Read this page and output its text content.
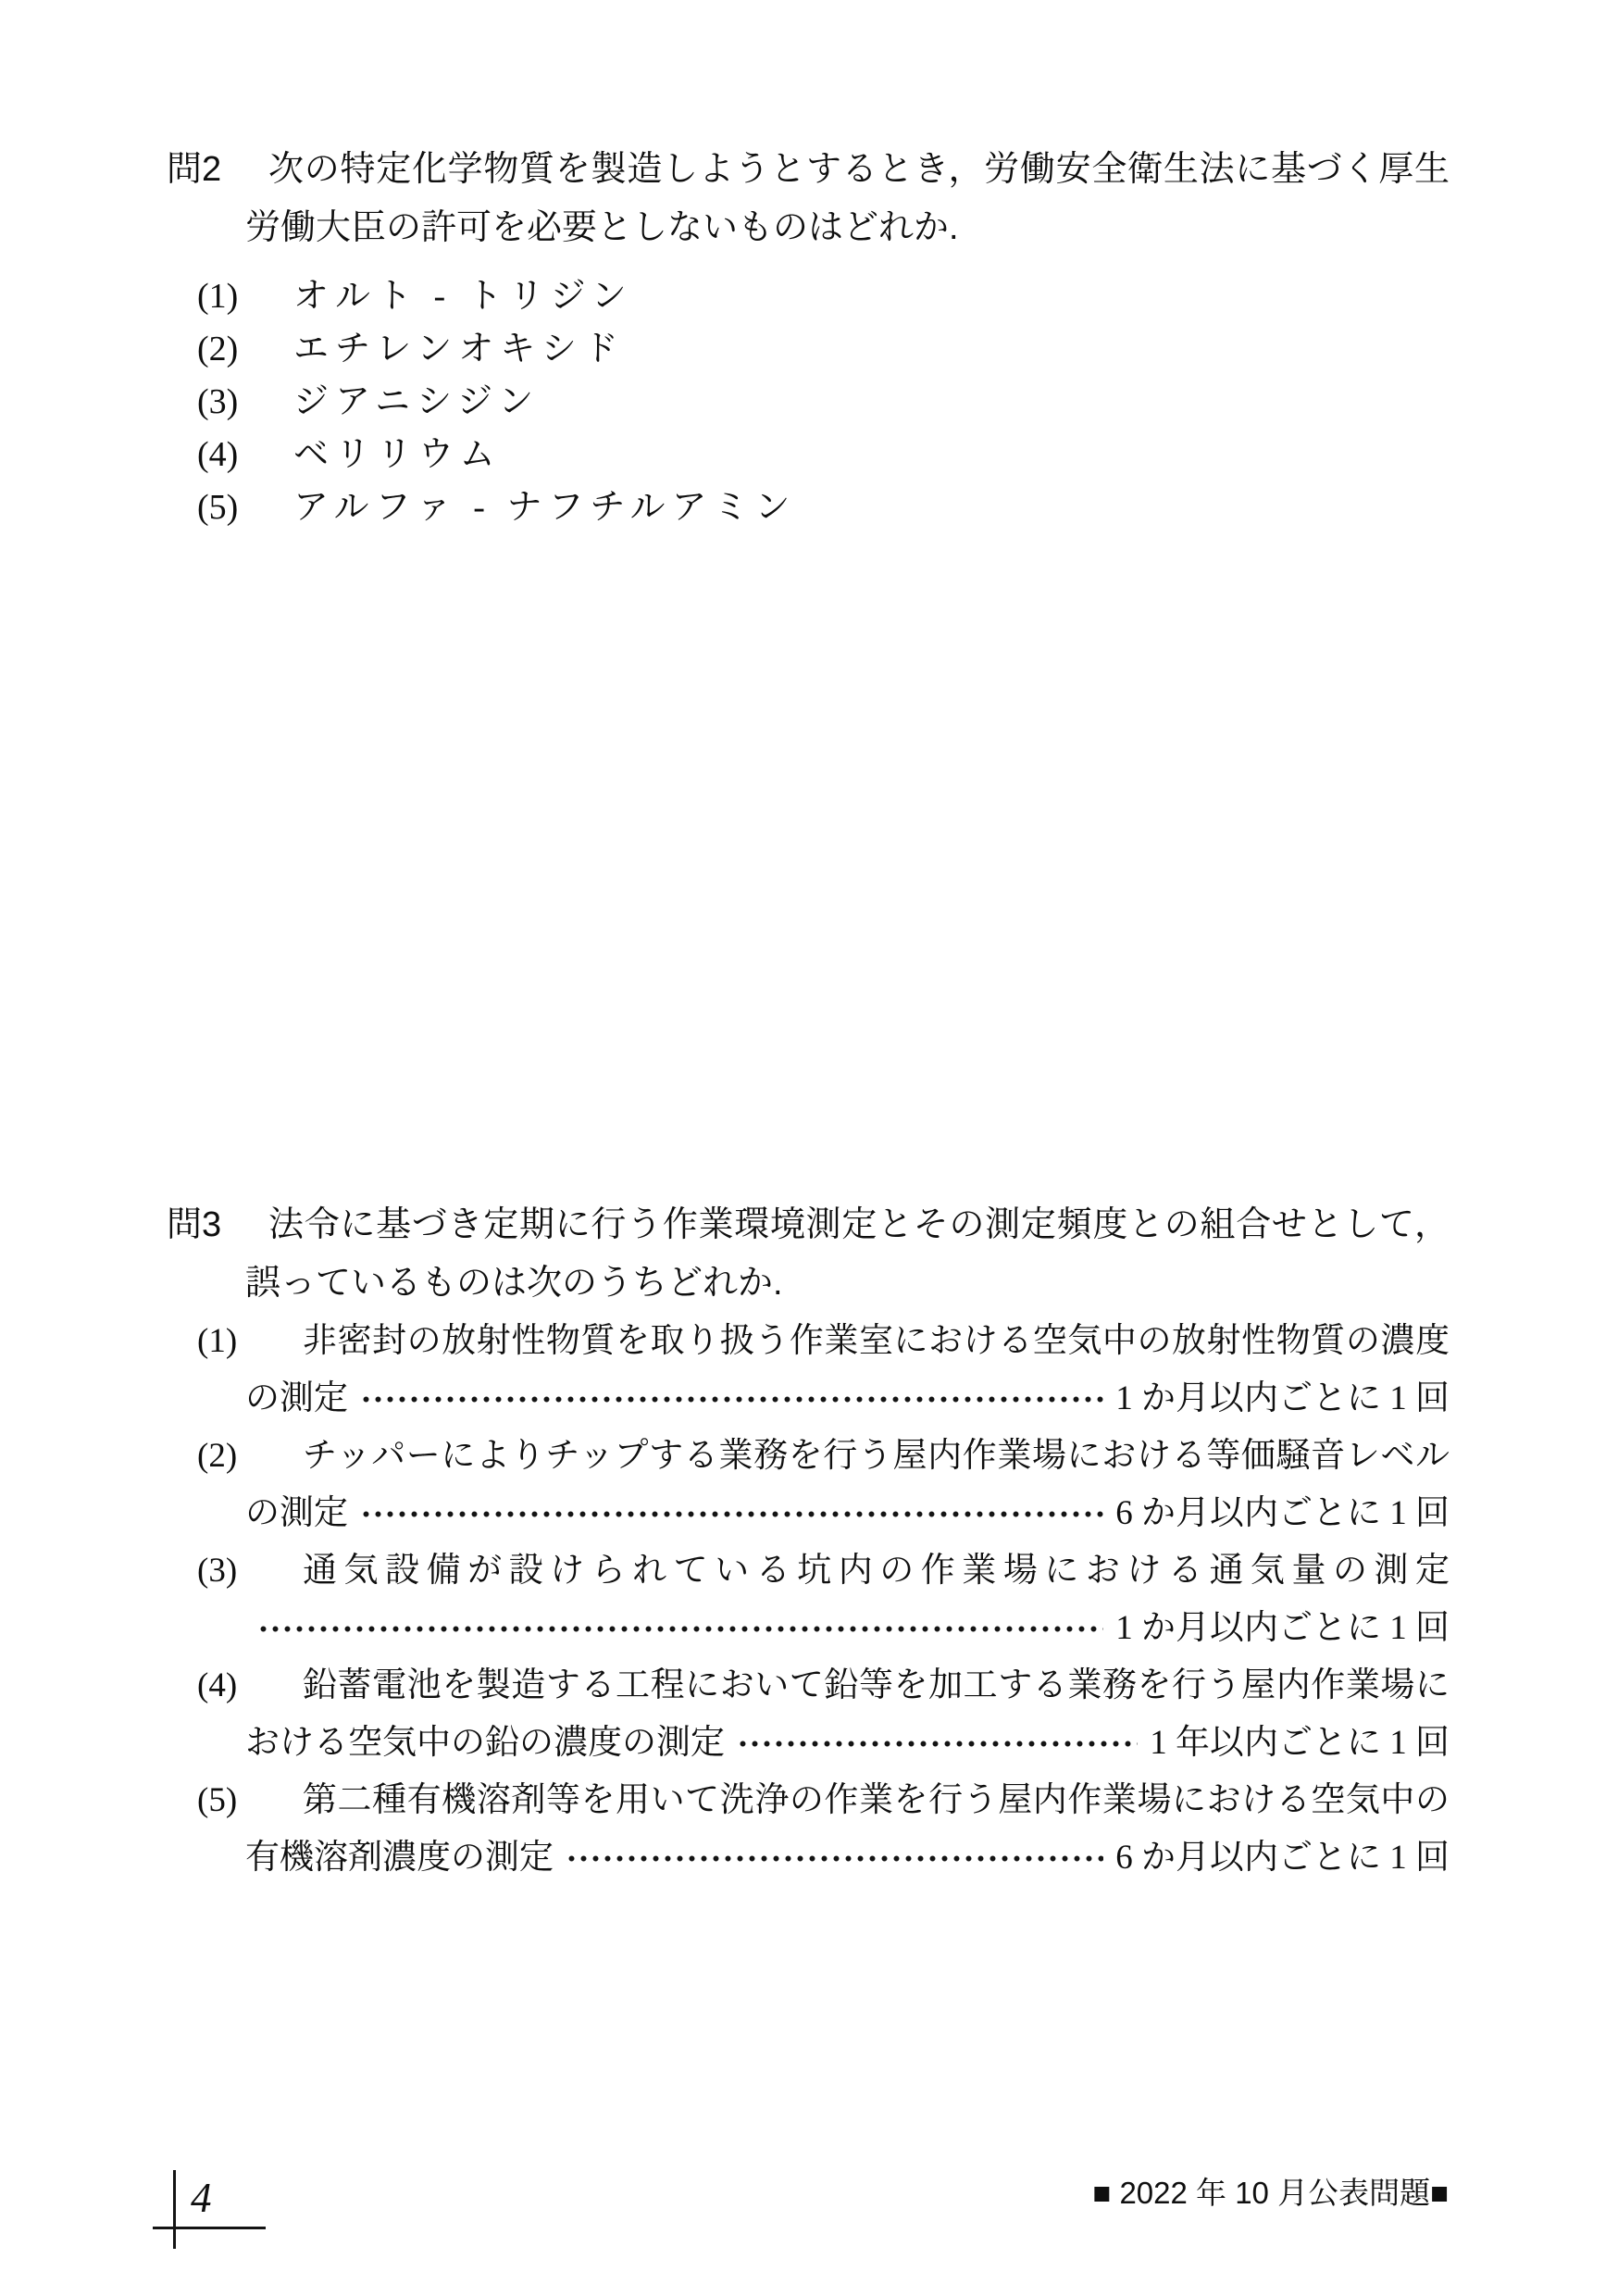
問2	次の特定化学物質を製造しようとするとき，労働安全衛生法に基づく厚生
労働大臣の許可を必要としないものはどれか.
(1)	オルト - トリジン
(2)	エチレンオキシド
(3)	ジアニシジン
(4)	ベリリウム
(5)	アルファ - ナフチルアミン
問3	法令に基づき定期に行う作業環境測定とその測定頻度との組合せとして，
誤っているものは次のうちどれか.
(1)	非密封の放射性物質を取り扱う作業室における空気中の放射性物質の濃度
の測定	1 か月以内ごとに 1 回
(2)	チッパーによりチップする業務を行う屋内作業場における等価騒音レベル
の測定	6 か月以内ごとに 1 回
(3)	通気設備が設けられている坑内の作業場における通気量の測定
1 か月以内ごとに 1 回
(4)	鉛蓄電池を製造する工程において鉛等を加工する業務を行う屋内作業場に
おける空気中の鉛の濃度の測定	1 年以内ごとに 1 回
(5)	第二種有機溶剤等を用いて洗浄の作業を行う屋内作業場における空気中の
有機溶剤濃度の測定	6 か月以内ごとに 1 回
4	■ 2022 年 10 月公表問題■
